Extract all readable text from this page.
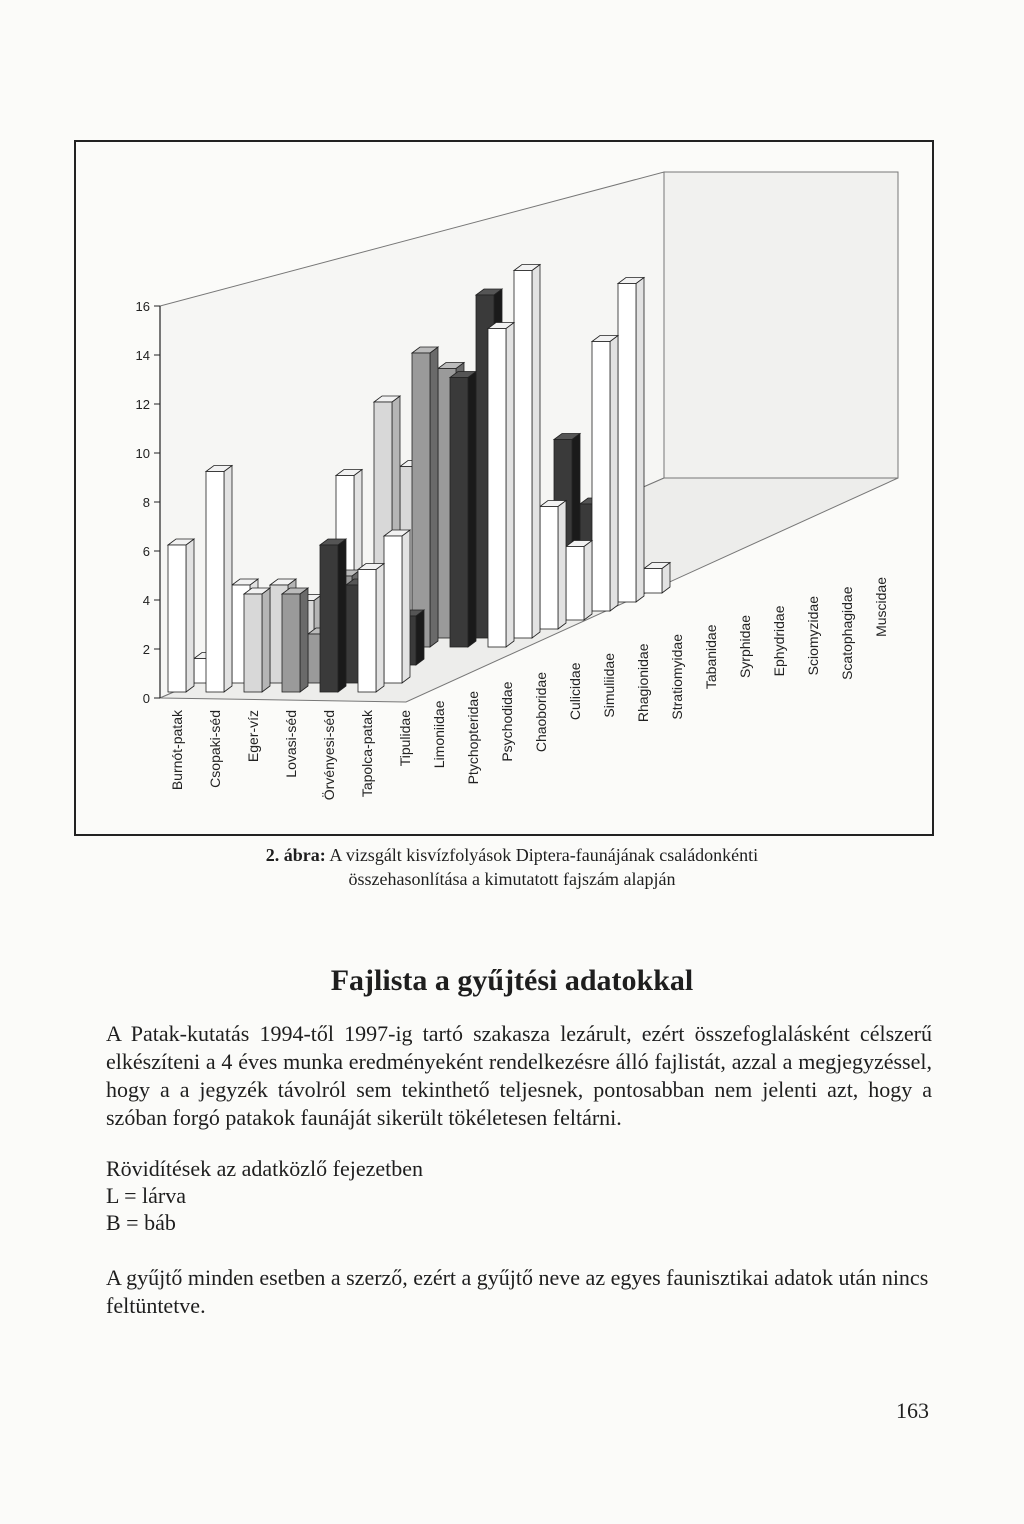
0
2
4
6
8
10
12
14
16
Burnót-patak Csopaki-séd Eger-víz Lovasi-séd Örvényesi-séd Tapolca-patak Tipulidae Limoniidae Ptychopteridae Psychodidae Chaoboridae Culicidae Simuliidae Rhagionidae Stratiomyidae Tabanidae Syrphidae Ephydridae Sciomyzidae Scatophagidae Muscidae
2. ábra: A vizsgált kisvízfolyások Diptera-faunájának családonkénti
összehasonlítása a kimutatott fajszám alapján
Fajlista a gyűjtési adatokkal

A Patak-kutatás 1994-től 1997-ig tartó szakasza lezárult, ezért összefoglalásként célszerű elkészíteni a 4 éves munka eredményeként rendelkezésre álló fajlistát, azzal a megjegyzéssel, hogy a a jegyzék távolról sem tekinthető teljesnek, pontosabban nem jelenti azt, hogy a szóban forgó patakok faunáját sikerült tökéletesen feltárni.

Rövidítések az adatközlő fejezetben
L = lárva
B = báb

A gyűjtő minden esetben a szerző, ezért a gyűjtő neve az egyes faunisztikai adatok után nincs feltüntetve.

163
